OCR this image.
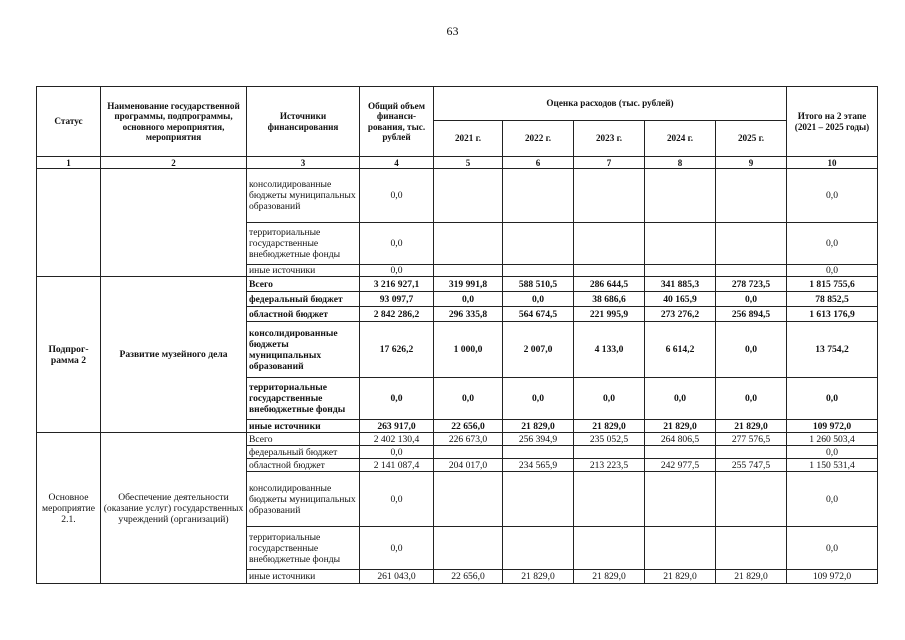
63
Статус	Наименование государственной программы, подпрограммы, основного мероприятия, мероприятия	Источники финансирования	Общий объем финанси-рования, тыс. рублей	Оценка расходов (тыс. рублей)					Итого на 2 этапе (2021 – 2025 годы)
				2021 г.	2022 г.	2023 г.	2024 г.	2025 г.	
1	2	3	4	5	6	7	8	9	10
		консолидированные бюджеты муниципальных образований	0,0						0,0
		территориальные государственные внебюджетные фонды	0,0						0,0
		иные источники	0,0						0,0
Подпрог-рамма 2	Развитие музейного дела	Всего	3 216 927,1	319 991,8	588 510,5	286 644,5	341 885,3	278 723,5	1 815 755,6
		федеральный бюджет	93 097,7	0,0	0,0	38 686,6	40 165,9	0,0	78 852,5
		областной бюджет	2 842 286,2	296 335,8	564 674,5	221 995,9	273 276,2	256 894,5	1 613 176,9
		консолидированные бюджеты муниципальных образований	17 626,2	1 000,0	2 007,0	4 133,0	6 614,2	0,0	13 754,2
		территориальные государственные внебюджетные фонды	0,0	0,0	0,0	0,0	0,0	0,0	0,0
		иные источники	263 917,0	22 656,0	21 829,0	21 829,0	21 829,0	21 829,0	109 972,0
Основное мероприятие 2.1.	Обеспечение деятельности (оказание услуг) государственных учреждений (организаций)	Всего	2 402 130,4	226 673,0	256 394,9	235 052,5	264 806,5	277 576,5	1 260 503,4
		федеральный бюджет	0,0						0,0
		областной бюджет	2 141 087,4	204 017,0	234 565,9	213 223,5	242 977,5	255 747,5	1 150 531,4
		консолидированные бюджеты муниципальных образований	0,0						0,0
		территориальные государственные внебюджетные фонды	0,0						0,0
		иные источники	261 043,0	22 656,0	21 829,0	21 829,0	21 829,0	21 829,0	109 972,0
